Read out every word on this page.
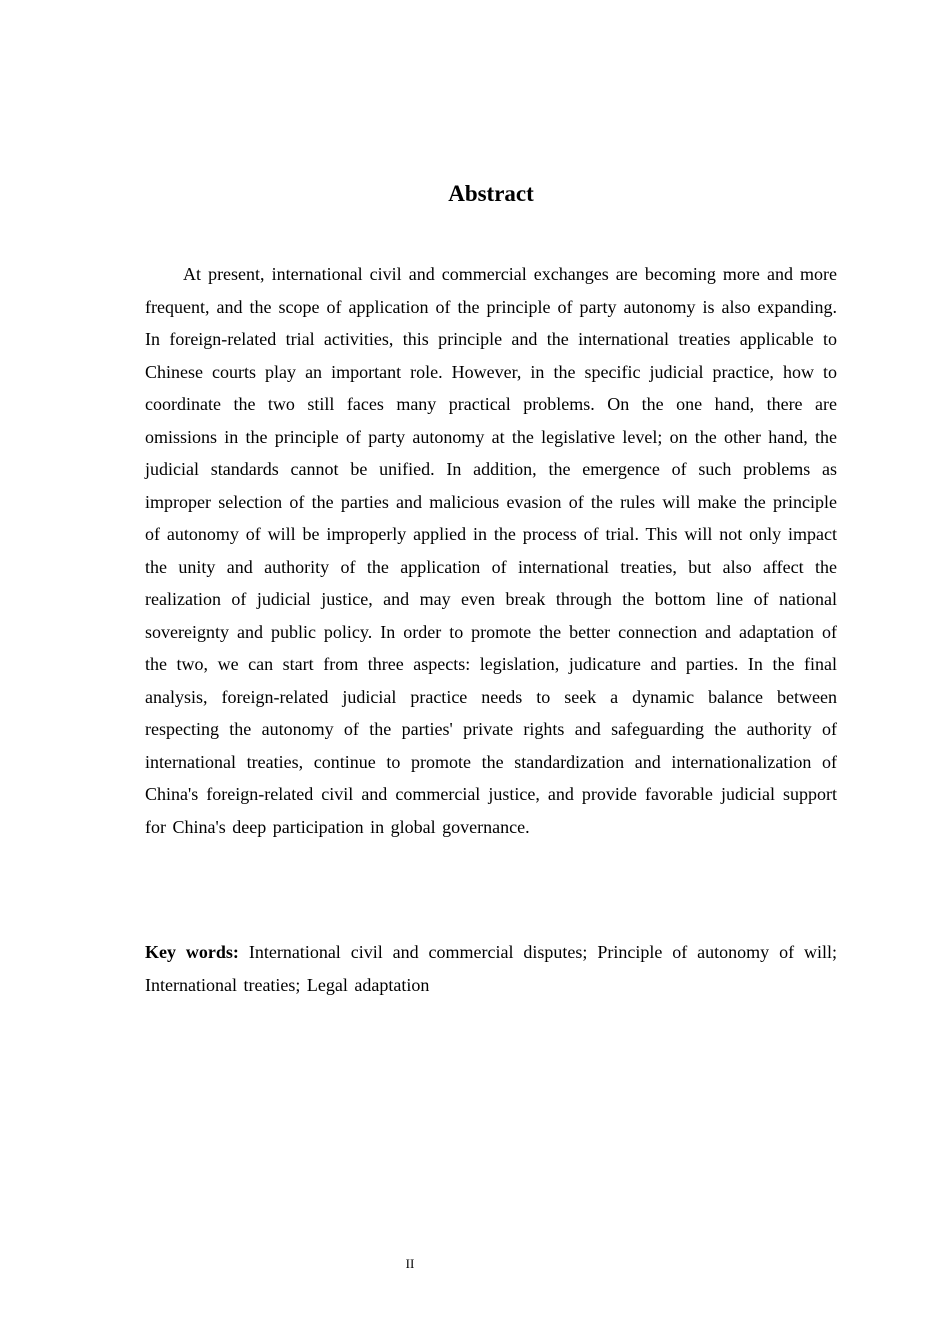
Abstract

At present, international civil and commercial exchanges are becoming more and more frequent, and the scope of application of the principle of party autonomy is also expanding. In foreign-related trial activities, this principle and the international treaties applicable to Chinese courts play an important role. However, in the specific judicial practice, how to coordinate the two still faces many practical problems. On the one hand, there are omissions in the principle of party autonomy at the legislative level; on the other hand, the judicial standards cannot be unified. In addition, the emergence of such problems as improper selection of the parties and malicious evasion of the rules will make the principle of autonomy of will be improperly applied in the process of trial. This will not only impact the unity and authority of the application of international treaties, but also affect the realization of judicial justice, and may even break through the bottom line of national sovereignty and public policy. In order to promote the better connection and adaptation of the two, we can start from three aspects: legislation, judicature and parties. In the final analysis, foreign-related judicial practice needs to seek a dynamic balance between respecting the autonomy of the parties' private rights and safeguarding the authority of international treaties, continue to promote the standardization and internationalization of China's foreign-related civil and commercial justice, and provide favorable judicial support for China's deep participation in global governance.

Key words: International civil and commercial disputes; Principle of autonomy of will; International treaties; Legal adaptation

II
